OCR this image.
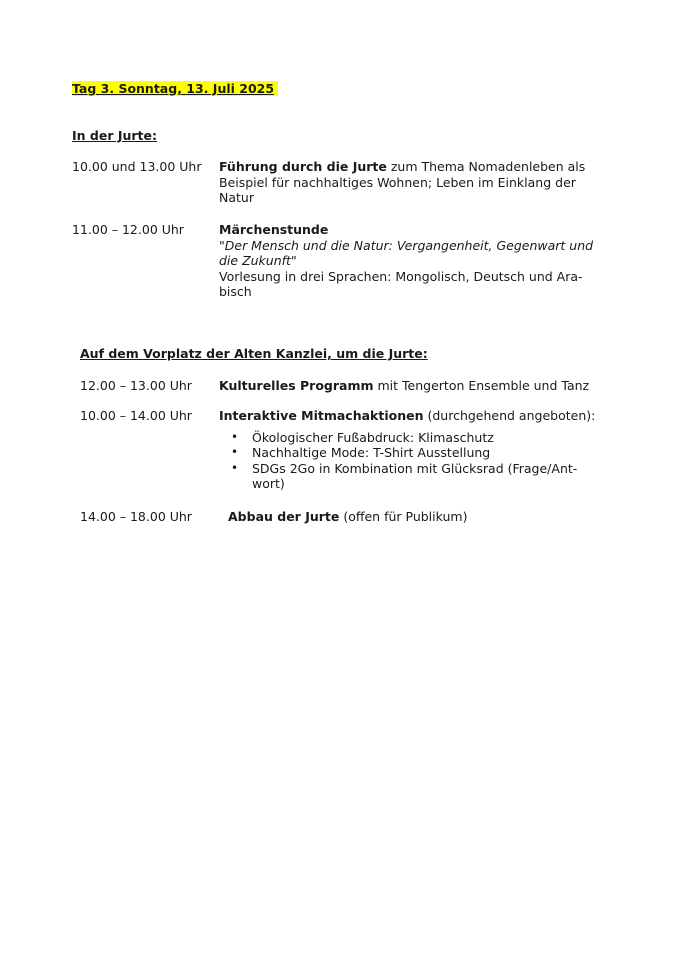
Tag 3. Sonntag, 13. Juli 2025
In der Jurte:
10.00 und 13.00 Uhr Führung durch die Jurte zum Thema Nomadenleben als Beispiel für nachhaltiges Wohnen; Leben im Einklang der Natur
11.00 – 12.00 Uhr	Märchenstunde
"Der Mensch und die Natur: Vergangenheit, Gegenwart und die Zukunft"
Vorlesung in drei Sprachen: Mongolisch, Deutsch und Ara-bisch
Auf dem Vorplatz der Alten Kanzlei, um die Jurte:
12.00 – 13.00 Uhr Kulturelles Programm mit Tengerton Ensemble und Tanz
10.00 – 14.00 Uhr Interaktive Mitmachaktionen (durchgehend angeboten):
• Ökologischer Fußabdruck: Klimaschutz
• Nachhaltige Mode: T-Shirt Ausstellung
• SDGs 2Go in Kombination mit Glücksrad (Frage/Ant-wort)
14.00 – 18.00 Uhr	Abbau der Jurte (offen für Publikum)
